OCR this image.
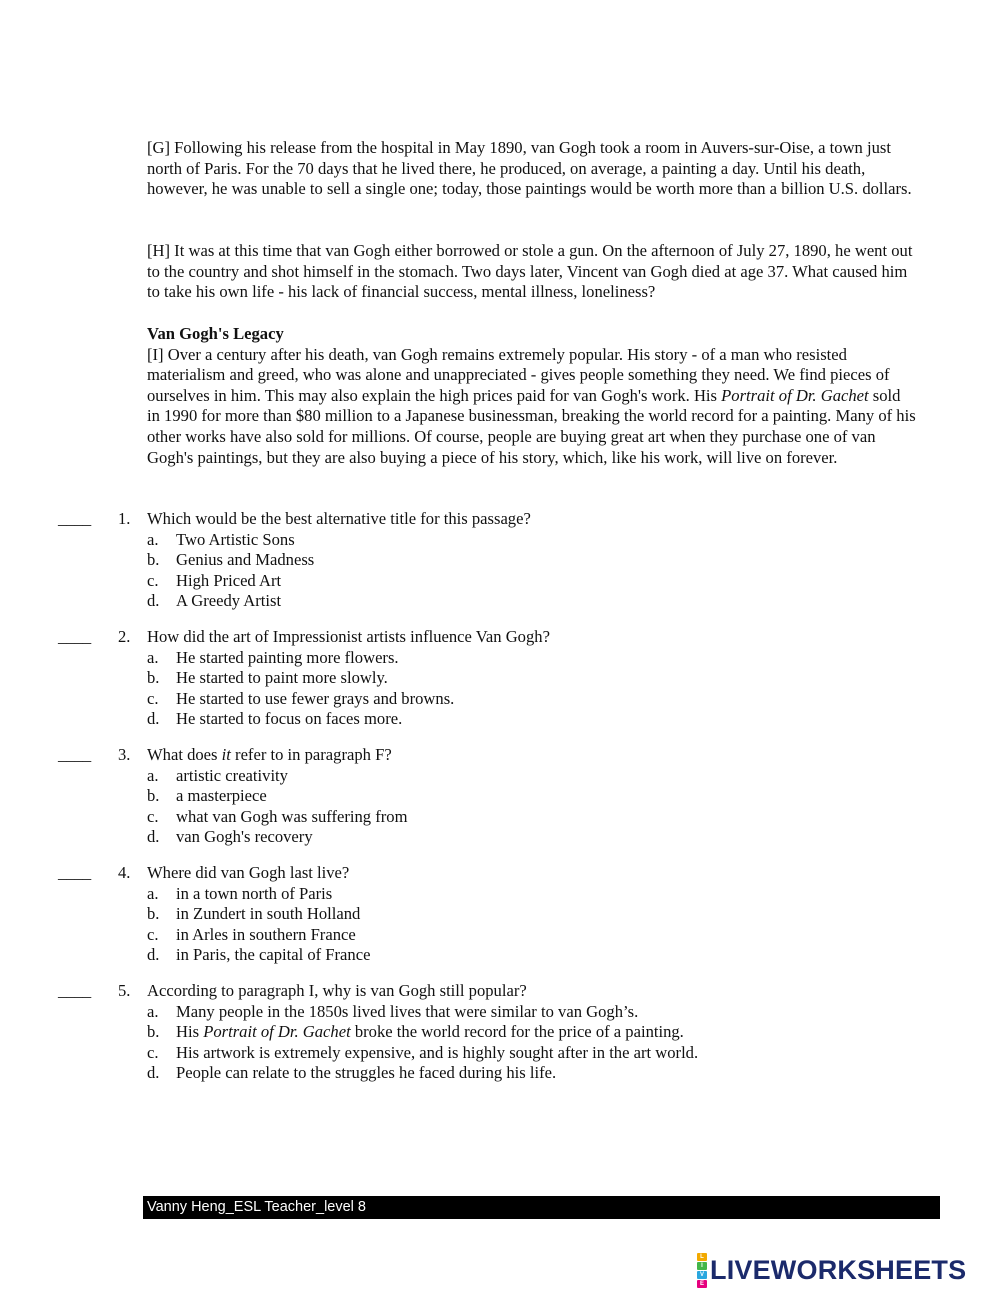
[G] Following his release from the hospital in May 1890, van Gogh took a room in Auvers-sur-Oise, a town just north of Paris. For the 70 days that he lived there, he produced, on average, a painting a day. Until his death, however, he was unable to sell a single one; today, those paintings would be worth more than a billion U.S. dollars.

[H] It was at this time that van Gogh either borrowed or stole a gun. On the afternoon of July 27, 1890, he went out to the country and shot himself in the stomach. Two days later, Vincent van Gogh died at age 37. What caused him to take his own life - his lack of financial success, mental illness, loneliness?

Van Gogh's Legacy

[I] Over a century after his death, van Gogh remains extremely popular. His story - of a man who resisted materialism and greed, who was alone and unappreciated - gives people something they need. We find pieces of ourselves in him. This may also explain the high prices paid for van Gogh's work. His Portrait of Dr. Gachet sold in 1990 for more than $80 million to a Japanese businessman, breaking the world record for a painting. Many of his other works have also sold for millions. Of course, people are buying great art when they purchase one of van Gogh's paintings, but they are also buying a piece of his story, which, like his work, will live on forever.

____ 1. Which would be the best alternative title for this passage?
a. Two Artistic Sons
b. Genius and Madness
c. High Priced Art
d. A Greedy Artist
____ 2. How did the art of Impressionist artists influence Van Gogh?
a. He started painting more flowers.
b. He started to paint more slowly.
c. He started to use fewer grays and browns.
d. He started to focus on faces more.
____ 3. What does it refer to in paragraph F?
a. artistic creativity
b. a masterpiece
c. what van Gogh was suffering from
d. van Gogh's recovery
____ 4. Where did van Gogh last live?
a. in a town north of Paris
b. in Zundert in south Holland
c. in Arles in southern France
d. in Paris, the capital of France
____ 5. According to paragraph I, why is van Gogh still popular?
a. Many people in the 1850s lived lives that were similar to van Gogh’s.
b. His Portrait of Dr. Gachet broke the world record for the price of a painting.
c. His artwork is extremely expensive, and is highly sought after in the art world.
d. People can relate to the struggles he faced during his life.
Vanny Heng_ESL Teacher_level 8
L
I
V
E LIVEWORKSHEETS
